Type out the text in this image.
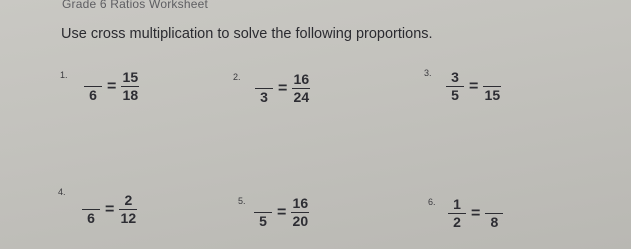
Grade 6 Ratios Worksheet
Use cross multiplication to solve the following proportions.
1.
6
= $\frac{15}{18}$	2.
3
= $\frac{16}{24}$	3. $\frac{3}{5}$ =
15
4.
6
= $\frac{2}{12}$	5.
5
= $\frac{16}{20}$	6. $\frac{1}{2}$ =
8
